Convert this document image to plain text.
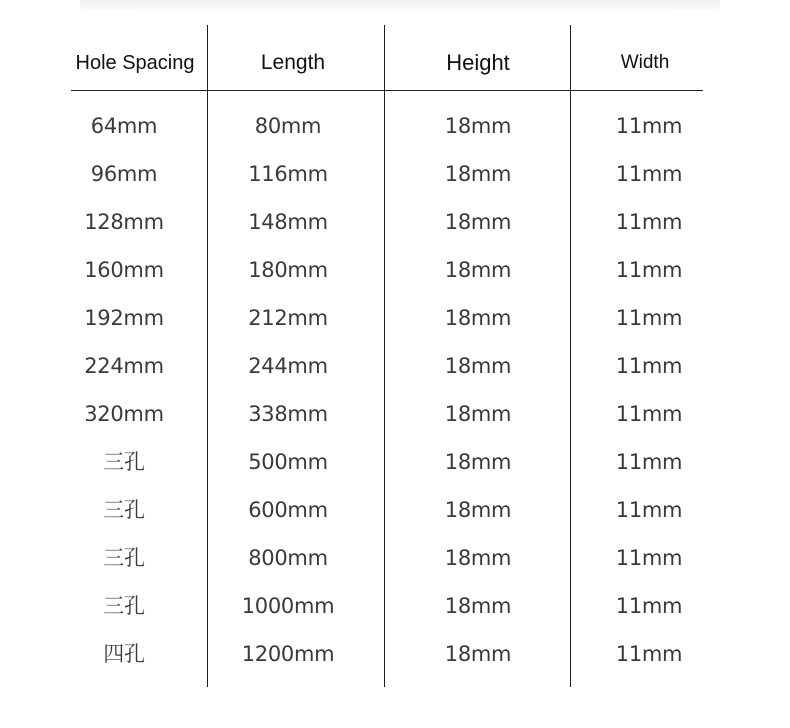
Hole Spacing	Length	Height	Width
64mm	80mm	18mm	11mm
96mm	116mm	18mm	11mm
128mm	148mm	18mm	11mm
160mm	180mm	18mm	11mm
192mm	212mm	18mm	11mm
224mm	244mm	18mm	11mm
320mm	338mm	18mm	11mm
三孔	500mm	18mm	11mm
三孔	600mm	18mm	11mm
三孔	800mm	18mm	11mm
三孔	1000mm	18mm	11mm
四孔	1200mm	18mm	11mm
